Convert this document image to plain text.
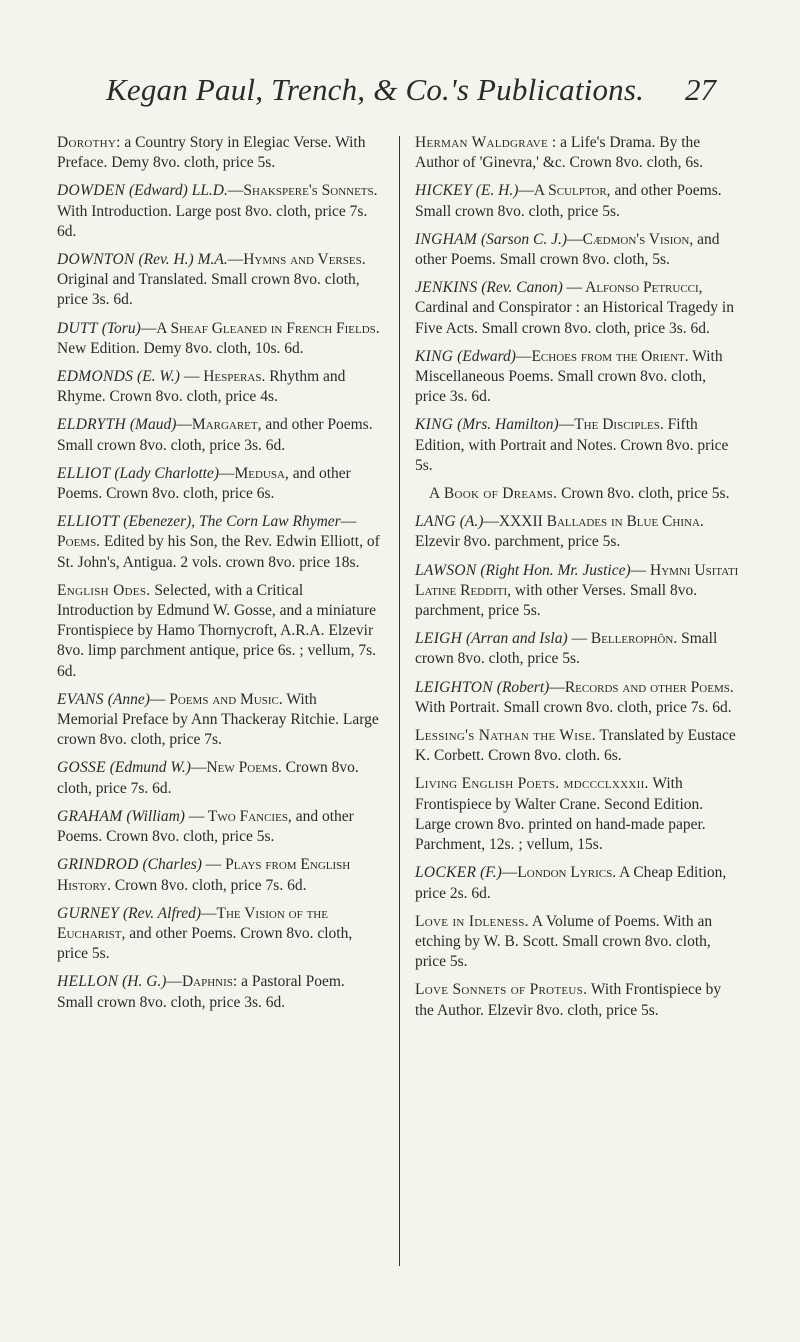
Kegan Paul, Trench, & Co.'s Publications. 27

Dorothy: a Country Story in Elegiac Verse. With Preface. Demy 8vo. cloth, price 5s.

DOWDEN (Edward) LL.D.—Shakspere's Sonnets. With Introduction. Large post 8vo. cloth, price 7s. 6d.

DOWNTON (Rev. H.) M.A.—Hymns and Verses. Original and Translated. Small crown 8vo. cloth, price 3s. 6d.

DUTT (Toru)—A Sheaf Gleaned in French Fields. New Edition. Demy 8vo. cloth, 10s. 6d.

EDMONDS (E. W.) — Hesperas. Rhythm and Rhyme. Crown 8vo. cloth, price 4s.

ELDRYTH (Maud)—Margaret, and other Poems. Small crown 8vo. cloth, price 3s. 6d.

ELLIOT (Lady Charlotte)—Medusa, and other Poems. Crown 8vo. cloth, price 6s.

ELLIOTT (Ebenezer), The Corn Law Rhymer—Poems. Edited by his Son, the Rev. Edwin Elliott, of St. John's, Antigua. 2 vols. crown 8vo. price 18s.

English Odes. Selected, with a Critical Introduction by Edmund W. Gosse, and a miniature Frontispiece by Hamo Thornycroft, A.R.A. Elzevir 8vo. limp parchment antique, price 6s. ; vellum, 7s. 6d.

EVANS (Anne)— Poems and Music. With Memorial Preface by Ann Thackeray Ritchie. Large crown 8vo. cloth, price 7s.

GOSSE (Edmund W.)—New Poems. Crown 8vo. cloth, price 7s. 6d.

GRAHAM (William) — Two Fancies, and other Poems. Crown 8vo. cloth, price 5s.

GRINDROD (Charles) — Plays from English History. Crown 8vo. cloth, price 7s. 6d.

GURNEY (Rev. Alfred)—The Vision of the Eucharist, and other Poems. Crown 8vo. cloth, price 5s.

HELLON (H. G.)—Daphnis: a Pastoral Poem. Small crown 8vo. cloth, price 3s. 6d.

Herman Waldgrave : a Life's Drama. By the Author of 'Ginevra,' &c. Crown 8vo. cloth, 6s.

HICKEY (E. H.)—A Sculptor, and other Poems. Small crown 8vo. cloth, price 5s.

INGHAM (Sarson C. J.)—Cædmon's Vision, and other Poems. Small crown 8vo. cloth, 5s.

JENKINS (Rev. Canon) — Alfonso Petrucci, Cardinal and Conspirator : an Historical Tragedy in Five Acts. Small crown 8vo. cloth, price 3s. 6d.

KING (Edward)—Echoes from the Orient. With Miscellaneous Poems. Small crown 8vo. cloth, price 3s. 6d.

KING (Mrs. Hamilton)—The Disciples. Fifth Edition, with Portrait and Notes. Crown 8vo. price 5s.

A Book of Dreams. Crown 8vo. cloth, price 5s.

LANG (A.)—XXXII Ballades in Blue China. Elzevir 8vo. parchment, price 5s.

LAWSON (Right Hon. Mr. Justice)— Hymni Usitati Latine Redditi, with other Verses. Small 8vo. parchment, price 5s.

LEIGH (Arran and Isla) — Bellerophôn. Small crown 8vo. cloth, price 5s.

LEIGHTON (Robert)—Records and other Poems. With Portrait. Small crown 8vo. cloth, price 7s. 6d.

Lessing's Nathan the Wise. Translated by Eustace K. Corbett. Crown 8vo. cloth. 6s.

Living English Poets. mdccclxxxii. With Frontispiece by Walter Crane. Second Edition. Large crown 8vo. printed on hand-made paper. Parchment, 12s. ; vellum, 15s.

LOCKER (F.)—London Lyrics. A Cheap Edition, price 2s. 6d.

Love in Idleness. A Volume of Poems. With an etching by W. B. Scott. Small crown 8vo. cloth, price 5s.

Love Sonnets of Proteus. With Frontispiece by the Author. Elzevir 8vo. cloth, price 5s.
